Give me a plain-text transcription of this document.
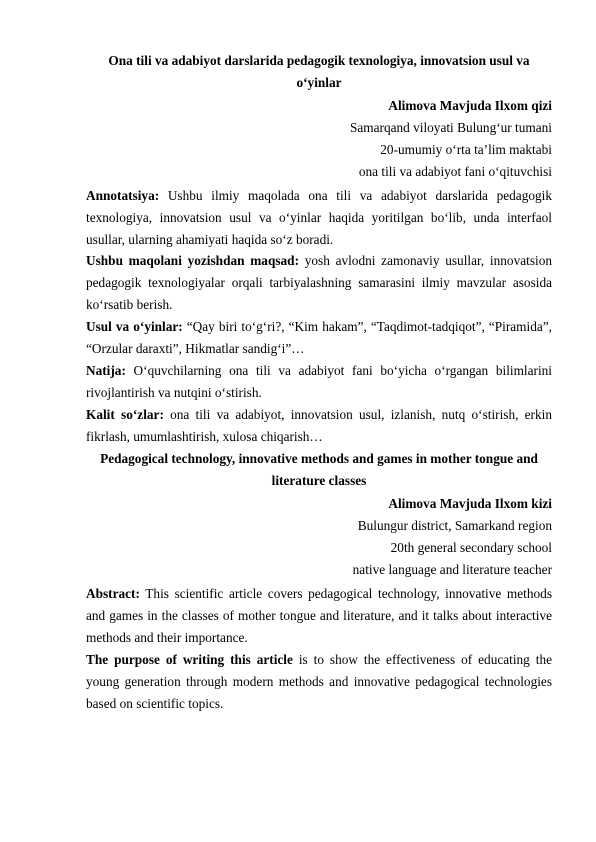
Ona tili va adabiyot darslarida pedagogik texnologiya, innovatsion usul va o‘yinlar
Alimova Mavjuda Ilxom qizi
Samarqand viloyati Bulung‘ur tumani
20-umumiy o‘rta ta’lim maktabi
ona tili va adabiyot fani o‘qituvchisi
Annotatsiya: Ushbu ilmiy maqolada ona tili va adabiyot darslarida pedagogik texnologiya, innovatsion usul va o‘yinlar haqida yoritilgan bo‘lib, unda interfaol usullar, ularning ahamiyati haqida so‘z boradi.
Ushbu maqolani yozishdan maqsad: yosh avlodni zamonaviy usullar, innovatsion pedagogik texnologiyalar orqali tarbiyalashning samarasini ilmiy mavzular asosida ko‘rsatib berish.
Usul va o‘yinlar: “Qay biri to‘g‘ri?, “Kim hakam”, “Taqdimot-tadqiqot”, “Piramida”, “Orzular daraxti”, Hikmatlar sandig‘i”…
Natija: O‘quvchilarning ona tili va adabiyot fani bo‘yicha o‘rgangan bilimlarini rivojlantirish va nutqini o‘stirish.
Kalit so‘zlar: ona tili va adabiyot, innovatsion usul, izlanish, nutq o‘stirish, erkin fikrlash, umumlashtirish, xulosa chiqarish…
Pedagogical technology, innovative methods and games in mother tongue and literature classes
Alimova Mavjuda Ilxom kizi
Bulungur district, Samarkand region
20th general secondary school
native language and literature teacher
Abstract: This scientific article covers pedagogical technology, innovative methods and games in the classes of mother tongue and literature, and it talks about interactive methods and their importance.
The purpose of writing this article is to show the effectiveness of educating the young generation through modern methods and innovative pedagogical technologies based on scientific topics.
